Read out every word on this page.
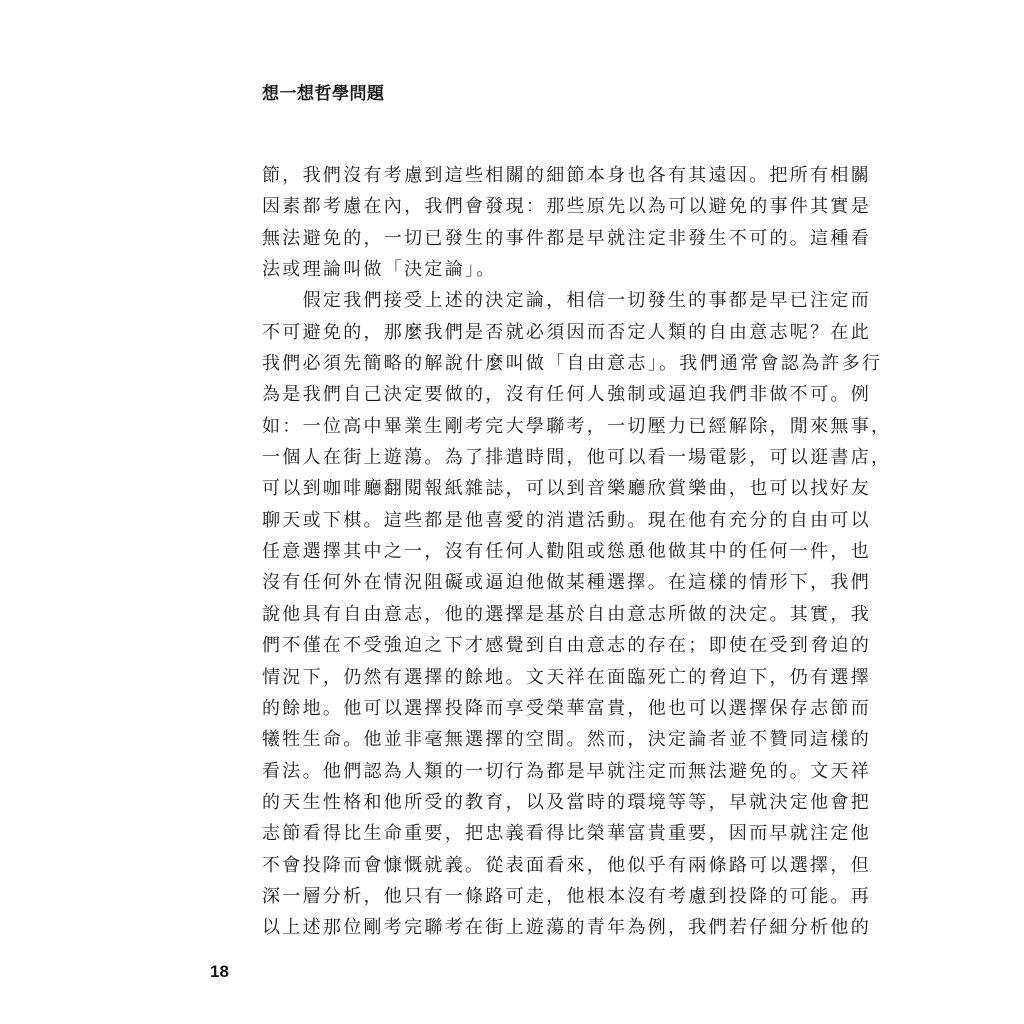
想一想哲學問題
節，我們沒有考慮到這些相關的細節本身也各有其遠因。把所有相關
因素都考慮在內，我們會發現：那些原先以為可以避免的事件其實是
無法避免的，一切已發生的事件都是早就注定非發生不可的。這種看
法或理論叫做「決定論」。
　　假定我們接受上述的決定論，相信一切發生的事都是早已注定而
不可避免的，那麼我們是否就必須因而否定人類的自由意志呢？在此
我們必須先簡略的解說什麼叫做「自由意志」。我們通常會認為許多行
為是我們自己決定要做的，沒有任何人強制或逼迫我們非做不可。例
如：一位高中畢業生剛考完大學聯考，一切壓力已經解除，閒來無事，
一個人在街上遊蕩。為了排遣時間，他可以看一場電影，可以逛書店，
可以到咖啡廳翻閱報紙雜誌，可以到音樂廳欣賞樂曲，也可以找好友
聊天或下棋。這些都是他喜愛的消遣活動。現在他有充分的自由可以
任意選擇其中之一，沒有任何人勸阻或慫恿他做其中的任何一件，也
沒有任何外在情況阻礙或逼迫他做某種選擇。在這樣的情形下，我們
說他具有自由意志，他的選擇是基於自由意志所做的決定。其實，我
們不僅在不受強迫之下才感覺到自由意志的存在；即使在受到脅迫的
情況下，仍然有選擇的餘地。文天祥在面臨死亡的脅迫下，仍有選擇
的餘地。他可以選擇投降而享受榮華富貴，他也可以選擇保存志節而
犧牲生命。他並非毫無選擇的空間。然而，決定論者並不贊同這樣的
看法。他們認為人類的一切行為都是早就注定而無法避免的。文天祥
的天生性格和他所受的教育，以及當時的環境等等，早就決定他會把
志節看得比生命重要，把忠義看得比榮華富貴重要，因而早就注定他
不會投降而會慷慨就義。從表面看來，他似乎有兩條路可以選擇，但
深一層分析，他只有一條路可走，他根本沒有考慮到投降的可能。再
以上述那位剛考完聯考在街上遊蕩的青年為例，我們若仔細分析他的
18
